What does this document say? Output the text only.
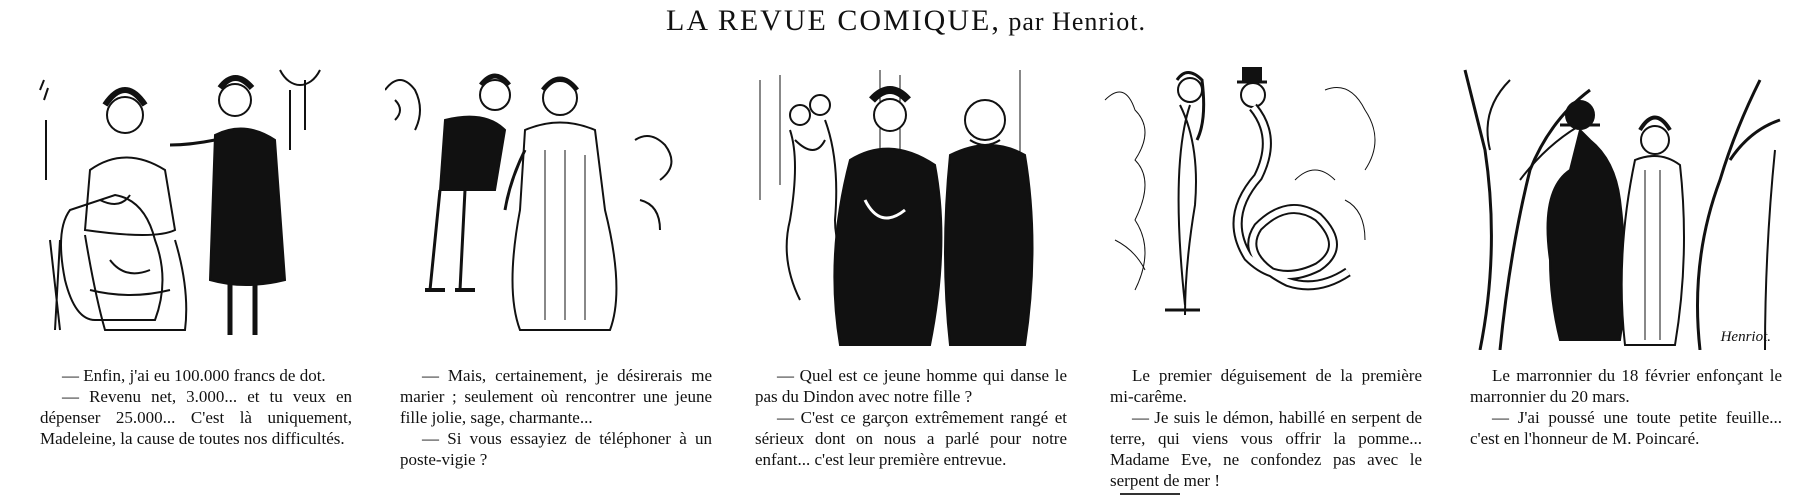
LA REVUE COMIQUE, par Henriot.
Henriot.

— Enfin, j'ai eu 100.000 francs de dot.

— Revenu net, 3.000... et tu veux en dépenser 25.000... C'est là uniquement, Madeleine, la cause de toutes nos difficultés.

— Mais, certainement, je désirerais me marier ; seulement où rencontrer une jeune fille jolie, sage, charmante...

— Si vous essayiez de téléphoner à un poste-vigie ?

— Quel est ce jeune homme qui danse le pas du Dindon avec notre fille ?

— C'est ce garçon extrêmement rangé et sérieux dont on nous a parlé pour notre enfant... c'est leur première entrevue.

Le premier déguisement de la première mi-carême.

— Je suis le démon, habillé en serpent de terre, qui viens vous offrir la pomme... Madame Eve, ne confondez pas avec le serpent de mer !

Le marronnier du 18 février enfonçant le marronnier du 20 mars.

— J'ai poussé une toute petite feuille... c'est en l'honneur de M. Poincaré.
